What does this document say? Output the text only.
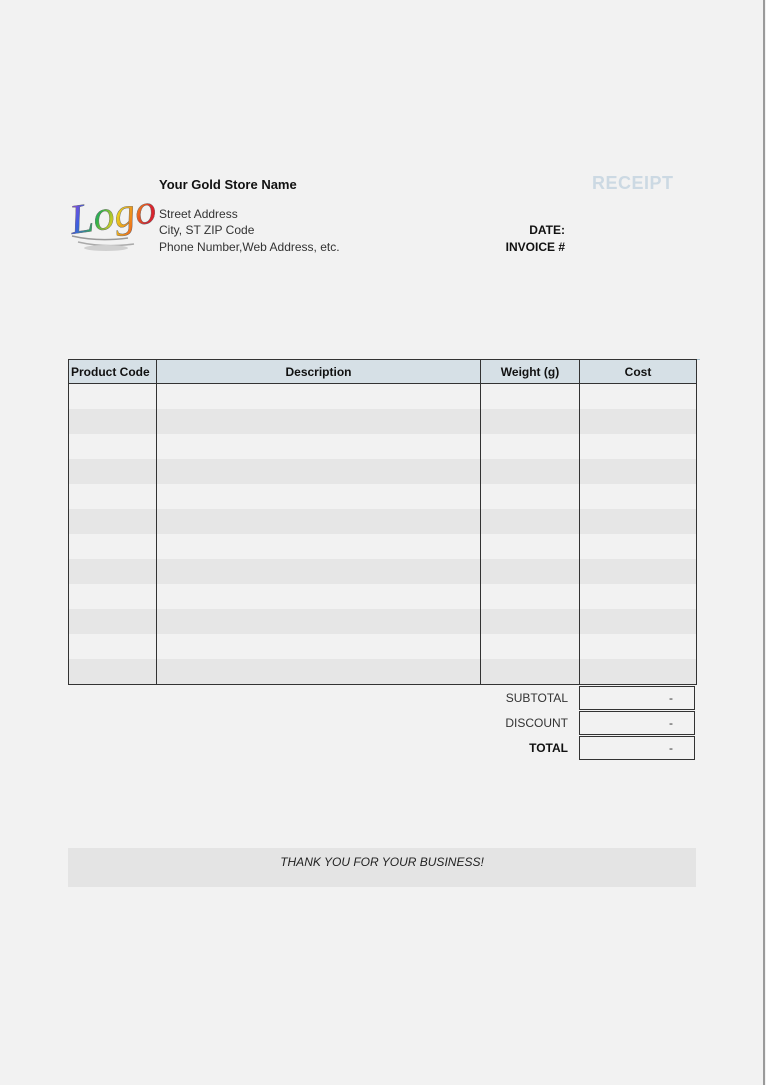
Logo
Your Gold Store Name
Street Address
City, ST ZIP Code
Phone Number,Web Address, etc.
RECEIPT
DATE:
INVOICE #
Product Code	Description	Weight (g)	Cost

SUBTOTAL	-
DISCOUNT	-
TOTAL	-
THANK YOU FOR YOUR BUSINESS!
